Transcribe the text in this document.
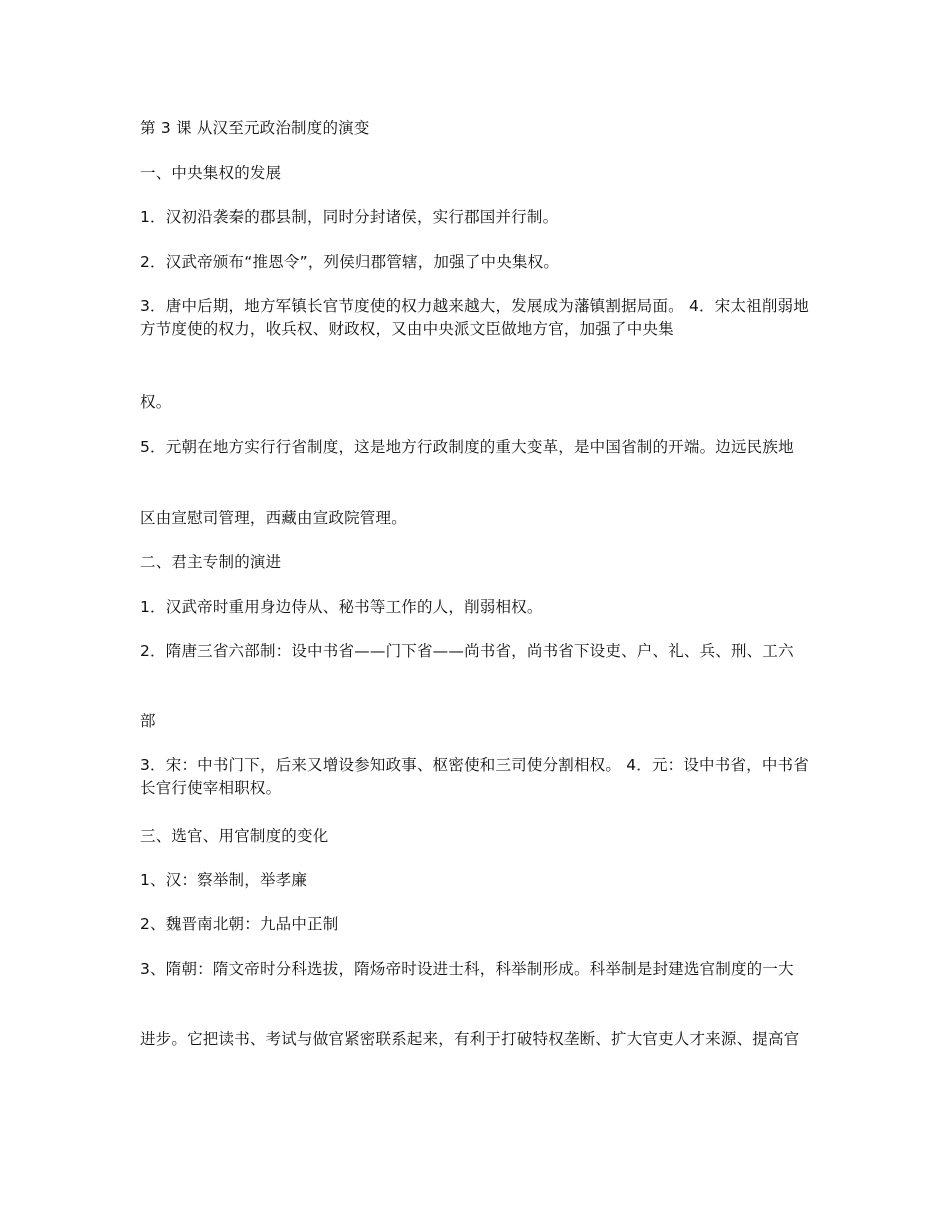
第 3 课 从汉至元政治制度的演变
一、中央集权的发展
1．汉初沿袭秦的郡县制，同时分封诸侯，实行郡国并行制。
2．汉武帝颁布“推恩令”，列侯归郡管辖，加强了中央集权。
3．唐中后期，地方军镇长官节度使的权力越来越大，发展成为藩镇割据局面。 4．宋太祖削弱地方节度使的权力，收兵权、财政权，又由中央派文臣做地方官，加强了中央集
权。
5．元朝在地方实行行省制度，这是地方行政制度的重大变革，是中国省制的开端。边远民族地
区由宣慰司管理，西藏由宣政院管理。
二、君主专制的演进
1．汉武帝时重用身边侍从、秘书等工作的人，削弱相权。
2．隋唐三省六部制：设中书省——门下省——尚书省，尚书省下设吏、户、礼、兵、刑、工六
部
3．宋：中书门下，后来又增设参知政事、枢密使和三司使分割相权。 4．元：设中书省，中书省长官行使宰相职权。
三、选官、用官制度的变化
1、汉：察举制，举孝廉
2、魏晋南北朝：九品中正制
3、隋朝：隋文帝时分科选拔，隋炀帝时设进士科，科举制形成。科举制是封建选官制度的一大
进步。它把读书、考试与做官紧密联系起来，有利于打破特权垄断、扩大官吏人才来源、提高官
